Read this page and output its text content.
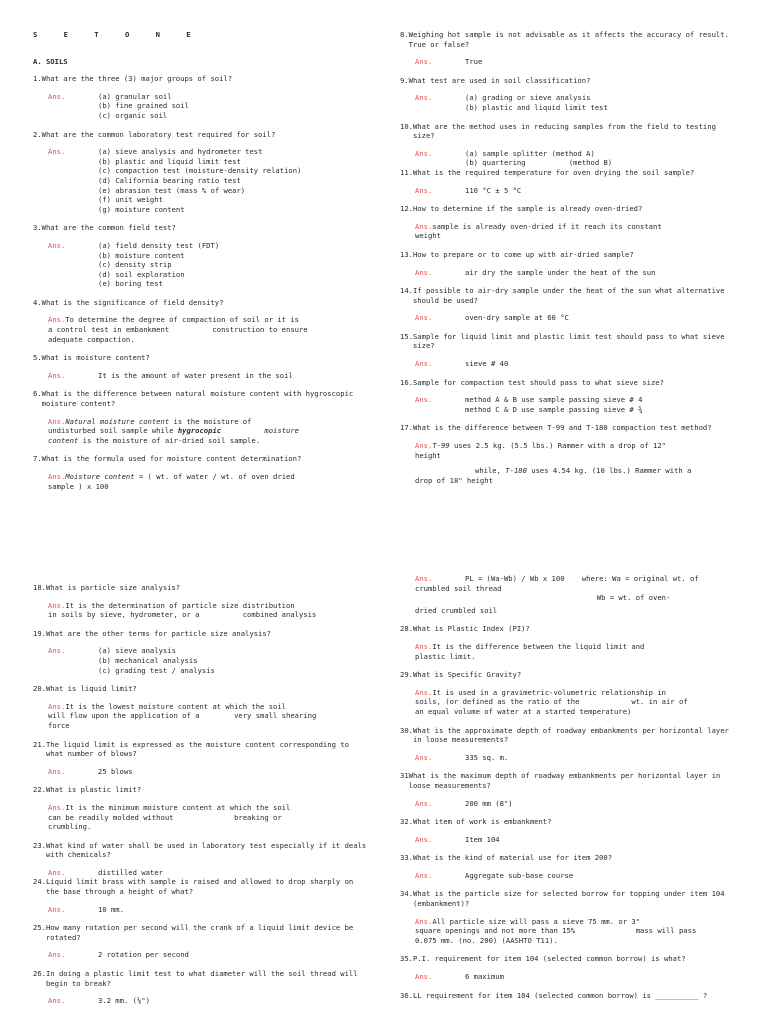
S E T O N E
A. SOILS
1. What are the three (3) major groups of soil?
Ans.	(a) granular soil
(b) fine grained soil
(c) organic soil
2. What are the common laboratory test required for soil?
Ans.	(a) sieve analysis and hydrometer test
(b) plastic and liquid limit test
(c) compaction test (moisture-density relation)
(d) California bearing ratio test
(e) abrasion test (mass % of wear)
(f) unit weight
(g) moisture content
3. What are the common field test?
Ans.	(a) field density test (FDT)
(b) moisture content
(c) density strip
(d) soil exploration
(e) boring test
4. What is the significance of field density?
Ans.To determine the degree of compaction of soil or it is
a control test in embankment          construction to ensure
adequate compaction.
5. What is moisture content?
Ans.	It is the amount of water present in the soil
6. What is the difference between natural moisture content with hygroscopic moisture content?
Ans.Natural moisture content is the moisture of
undisturbed soil sample while hygrocopic          moisture
content is the moisture of air-dried soil sample.
7. What is the formula used for moisture content determination?
Ans.Moisture content = ( wt. of water / wt. of oven dried
sample ) x 100
8. Weighing hot sample is not advisable as it affects the accuracy of result. True or false?
Ans.	True
9. What test are used in soil classification?
Ans.	(a) grading or sieve analysis
(b) plastic and liquid limit test
10. What are the method uses in reducing samples from the field to testing size?
Ans.	(a) sample splitter (method A)
(b) quartering          (method B)
11. What is the required temperature for oven drying the soil sample?
Ans.	110 °C ± 5 °C
12. How to determine if the sample is already oven-dried?
Ans.sample is already oven-dried if it reach its constant
weight
13. How to prepare or to come up with air-dried sample?
Ans.	air dry the sample under the heat of the sun
14. If possible to air-dry sample under the heat of the sun what alternative should be used?
Ans.	oven-dry sample at 60 °C
15. Sample for liquid limit and plastic limit test should pass to what sieve size?
Ans.	sieve # 40
16. Sample for compaction test should pass to what sieve size?
Ans.	method A & B use sample passing sieve # 4
method C & D use sample passing sieve # ¾
17. What is the difference between T-99 and T-180 compaction test method?
Ans.T-99 uses 2.5 kg. (5.5 lbs.) Rammer with a drop of 12"
height
while, T-180 uses 4.54 kg. (10 lbs.) Rammer with a
drop of 18" height
18. What is particle size analysis?
Ans.It is the determination of particle size distribution
in soils by sieve, hydrometer, or a          combined analysis
19. What are the other terms for particle size analysis?
Ans.	(a) sieve analysis
(b) mechanical analysis
(c) grading test / analysis
20. What is liquid limit?
Ans.It is the lowest moisture content at which the soil
will flow upon the application of a        very small shearing
force
21. The liquid limit is expressed as the moisture content corresponding to what number of blows?
Ans.	25 blows
22. What is plastic limit?
Ans.It is the minimum moisture content at which the soil
can be readily molded without              breaking or
crumbling.
23. What kind of water shall be used in laboratory test especially if it deals with chemicals?
Ans.	distilled water
24. Liquid limit brass with sample is raised and allowed to drop sharply on the base through a height of what?
Ans.	10 mm.
25. How many rotation per second will the crank of a liquid limit device be rotated?
Ans.	2 rotation per second
26. In doing a plastic limit test to what diameter will the soil thread will begin to break?
Ans.	3.2 mm. (⅛")
Ans.	PL = (Wa-Wb) / Wb x 100    where: Wa = original wt. of
crumbled soil thread
Wb = wt. of oven-
dried crumbled soil
28. What is Plastic Index (PI)?
Ans.It is the difference between the liquid limit and
plastic limit.
29. What is Specific Gravity?
Ans.It is used in a gravimetric-volumetric relationship in
soils, (or defined as the ratio of the            wt. in air of
an equal volume of water at a started temperature)
30. What is the approximate depth of roadway embankments per horizontal layer in loose measurements?
Ans.	335 sq. m.
31 What is the maximum depth of roadway embankments per horizontal layer in loose measurements?
Ans.	200 mm (8")
32. What item of work is embankment?
Ans.	Item 104
33. What is the kind of material use for item 200?
Ans.	Aggregate sub-base course
34. What is the particle size for selected borrow for topping under item 104 (embankment)?
Ans.All particle size will pass a sieve 75 mm. or 3"
square openings and not more than 15%              mass will pass
0.075 mm. (no. 200) (AASHTO T11).
35. P.I. requirement for item 104 (selected common borrow) is what?
Ans.	6 maximum
36. LL requirement for item 104 (selected common borrow) is __________ ?
